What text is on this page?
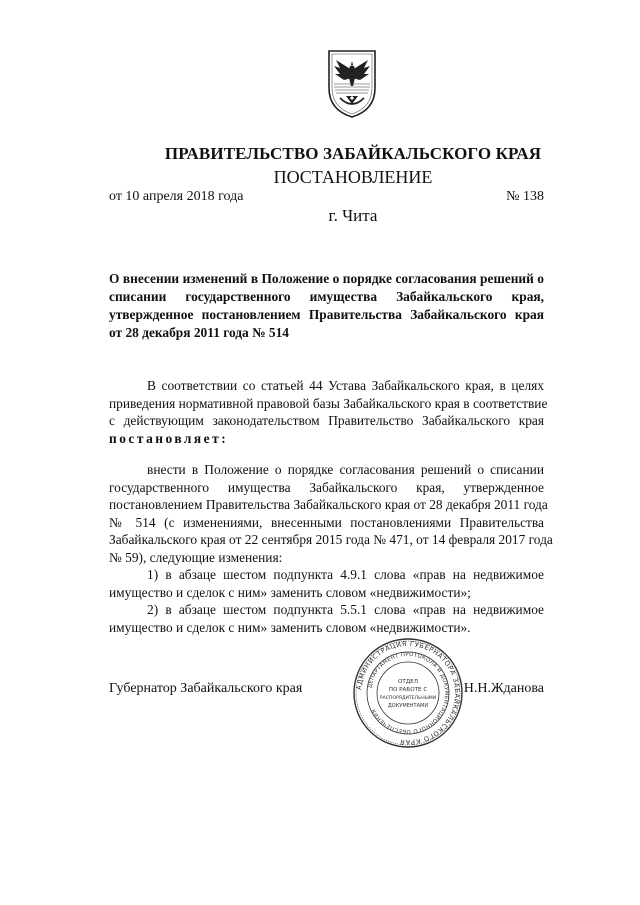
ПРАВИТЕЛЬСТВО ЗАБАЙКАЛЬСКОГО КРАЯ
ПОСТАНОВЛЕНИЕ
от 10 апреля 2018 года	№ 138
г. Чита
О внесении изменений в Положение о порядке согласования решений о
списании государственного имущества Забайкальского края,
утвержденное постановлением Правительства Забайкальского края
от 28 декабря 2011 года № 514
В соответствии со статьей 44 Устава Забайкальского края, в целях
приведения нормативной правовой базы Забайкальского края в соответствие
с действующим законодательством Правительство Забайкальского края
постановляет:
внести в Положение о порядке согласования решений о списании
государственного имущества Забайкальского края, утвержденное
постановлением Правительства Забайкальского края от 28 декабря 2011 года
№ 514 (с изменениями, внесенными постановлениями Правительства
Забайкальского края от 22 сентября 2015 года № 471, от 14 февраля 2017 года
№ 59), следующие изменения:
1) в абзаце шестом подпункта 4.9.1 слова «прав на недвижимое
имущество и сделок с ним» заменить словом «недвижимости»;
2) в абзаце шестом подпункта 5.5.1 слова «прав на недвижимое
имущество и сделок с ним» заменить словом «недвижимости».
Губернатор Забайкальского края	Н.Н.Жданова
АДМИНИСТРАЦИЯ ГУБЕРНАТОРА ЗАБАЙКАЛЬСКОГО КРАЯ
ДЕПАРТАМЕНТ ПРОТОКОЛА И ДОКУМЕНТАЦИОННОГО ОБЕСПЕЧЕНИЯ
ОТДЕЛ
ПО РАБОТЕ С
РАСПОРЯДИТЕЛЬНЫМИ
ДОКУМЕНТАМИ
